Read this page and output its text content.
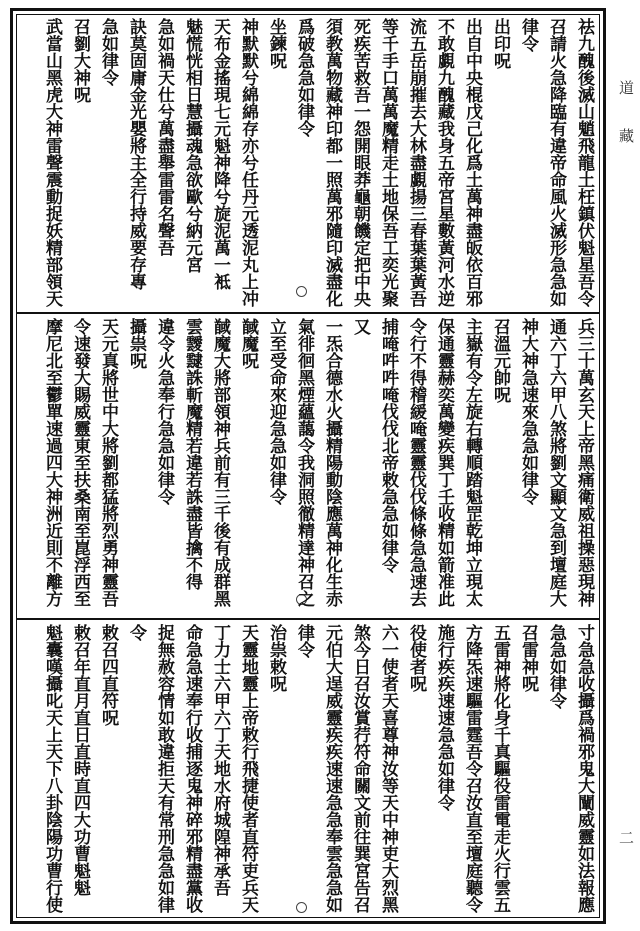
道
藏
二
祛九醜後滅山魈飛龍土枉鎮伏魁星吾令
召請火急降臨有違帝命風火滅形急急如
律令
出印呪
出自中央棍戊己化爲土萬神盡皈依百邪
不敢覷九醜藏我身五帝宮星數黃河水逆
流五岳崩摧去大林盡覷揚三春葉葉黃吾
等千手口萬萬魔精走土地保吾工奕光聚
死疾苦救吾一怨開眼莽龜朝饑定把中央
須教萬物藏神印都一照萬邪隨印滅盡化
爲破急急如律令
坐鍊呪
神默默兮綿綿存亦兮任丹元透泥丸上冲
天布金搖現七元魁神降兮旋泥萬一袛
魅慌恍相日慧攝魂急欲歐兮納元宮
急如禍天仕兮萬盡舉雷雷名聲吾
訣莫固庸金光嬰將主全行持威要存專
急如律令
召劉大神呪
武當山黑虎大神雷聲震動捉妖精部領天
兵三十萬玄天上帝黑痛衛威祖操惡現神
通六丁六甲八煞將劉文顯文急到壇庭大
神大神急速來急急如律令
召溫元帥呪
主嶽有令左旋右轉順踏魁罡乾坤立現太
保通靈赫奕萬變疾巽丁壬收精如箭准此
令行不得稽緩唵靈靈伐伐條條急急速去
捕唵吽吽唵伐伐北帝敕急急如律令
又
一炁合德水火攝精陽動陰應萬神化生赤
氣徘徊黑煙蘊藹令我洞照徹精達神召之
立至受命來迎急急如律令
馘魔呪
馘魔大將部領神兵前有三千後有成群黑
雲靉靆誅斬魔精若違若誅盡皆擒不得
違令火急奉行急急如律令
攝祟呪
天元真將世中大將劉都猛將烈勇神靈吾
令速發大賜威靈東至扶桑南至崑浮西至
摩尼北至鬱單速過四大神洲近則不離方
寸急急收攝爲禍邪鬼大闡威靈如法報應
急急如律令
召雷神呪
五雷神將化身千真驅役雷電走火行雲五
方降炁速驅雷霆吾令召汝直至壇庭聽令
施行疾疾速速急急如律令
役使者呪
六一使者天喜尊神汝等天中神吏大烈黑
煞今日召汝賞荇符命關文前往巽宮告召
元伯大逞威靈疾疾速速急急奉雲急急如
律令
治祟敕呪
天靈地靈上帝敕行飛捷使者直符吏兵天
丁力士六甲六丁天地水府城隍神承吾
命急急速奉行收捕逐鬼神碎邪精盡黨收
捉無赦容情如敢違拒天有常刑急急如律
令
敕召四直符呪
敕召年直月直日直時直四大功曹魁魁
魁囊嘆攝叱天上天下八卦陰陽功曹行使
